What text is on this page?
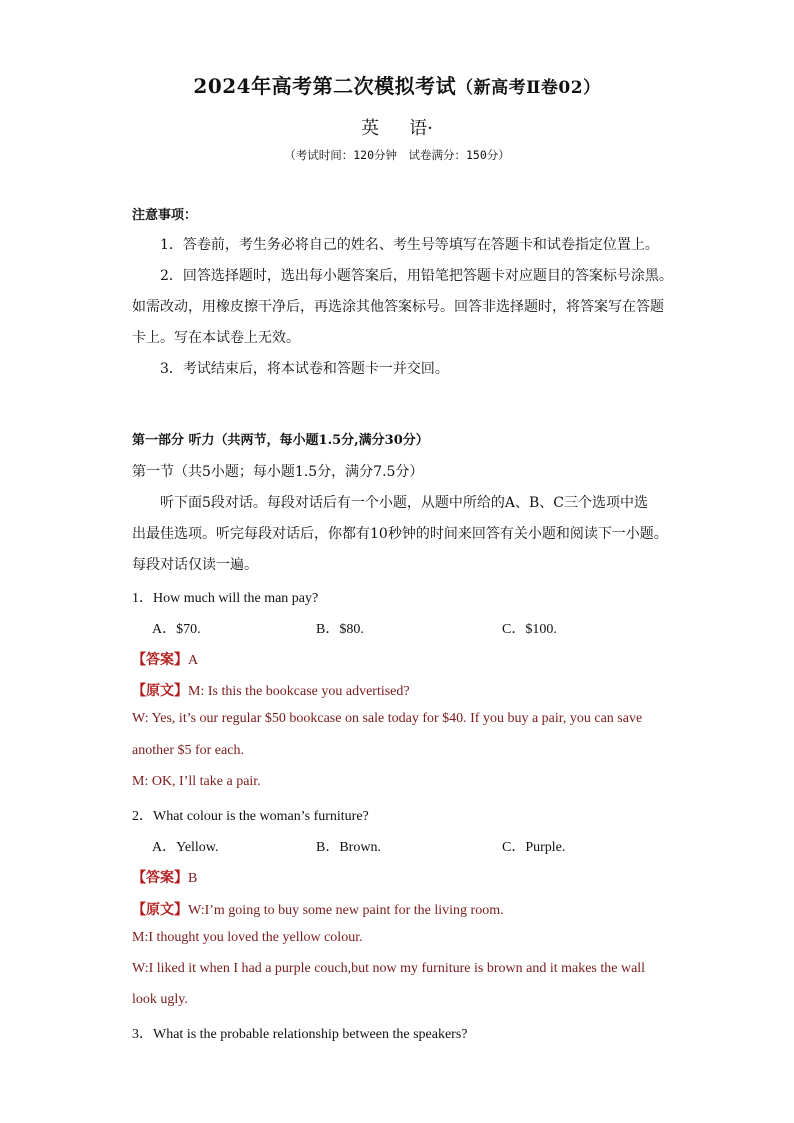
2024年高考第二次模拟考试（新高考Ⅱ卷02）
英 语·
（考试时间：120分钟　试卷满分：150分）
注意事项：
1．答卷前，考生务必将自己的姓名、考生号等填写在答题卡和试卷指定位置上。
2．回答选择题时，选出每小题答案后，用铅笔把答题卡对应题目的答案标号涂黑。
如需改动，用橡皮擦干净后，再选涂其他答案标号。回答非选择题时，将答案写在答题
卡上。写在本试卷上无效。
3．考试结束后，将本试卷和答题卡一并交回。
第一部分 听力（共两节，每小题1.5分,满分30分）
第一节（共5小题；每小题1.5分，满分7.5分）
听下面5段对话。每段对话后有一个小题，从题中所给的A、B、C三个选项中选
出最佳选项。听完每段对话后，你都有10秒钟的时间来回答有关小题和阅读下一小题。
每段对话仅读一遍。
1．How much will the man pay?
A．$70.	B．$80.	C．$100.
【答案】A
【原文】M: Is this the bookcase you advertised?
W: Yes, it’s our regular $50 bookcase on sale today for $40. If you buy a pair, you can save
another $5 for each.
M: OK, I’ll take a pair.
2．What colour is the woman’s furniture?
A．Yellow.	B．Brown.	C．Purple.
【答案】B
【原文】W:I’m going to buy some new paint for the living room.
M:I thought you loved the yellow colour.
W:I liked it when I had a purple couch,but now my furniture is brown and it makes the wall
look ugly.
3．What is the probable relationship between the speakers?
